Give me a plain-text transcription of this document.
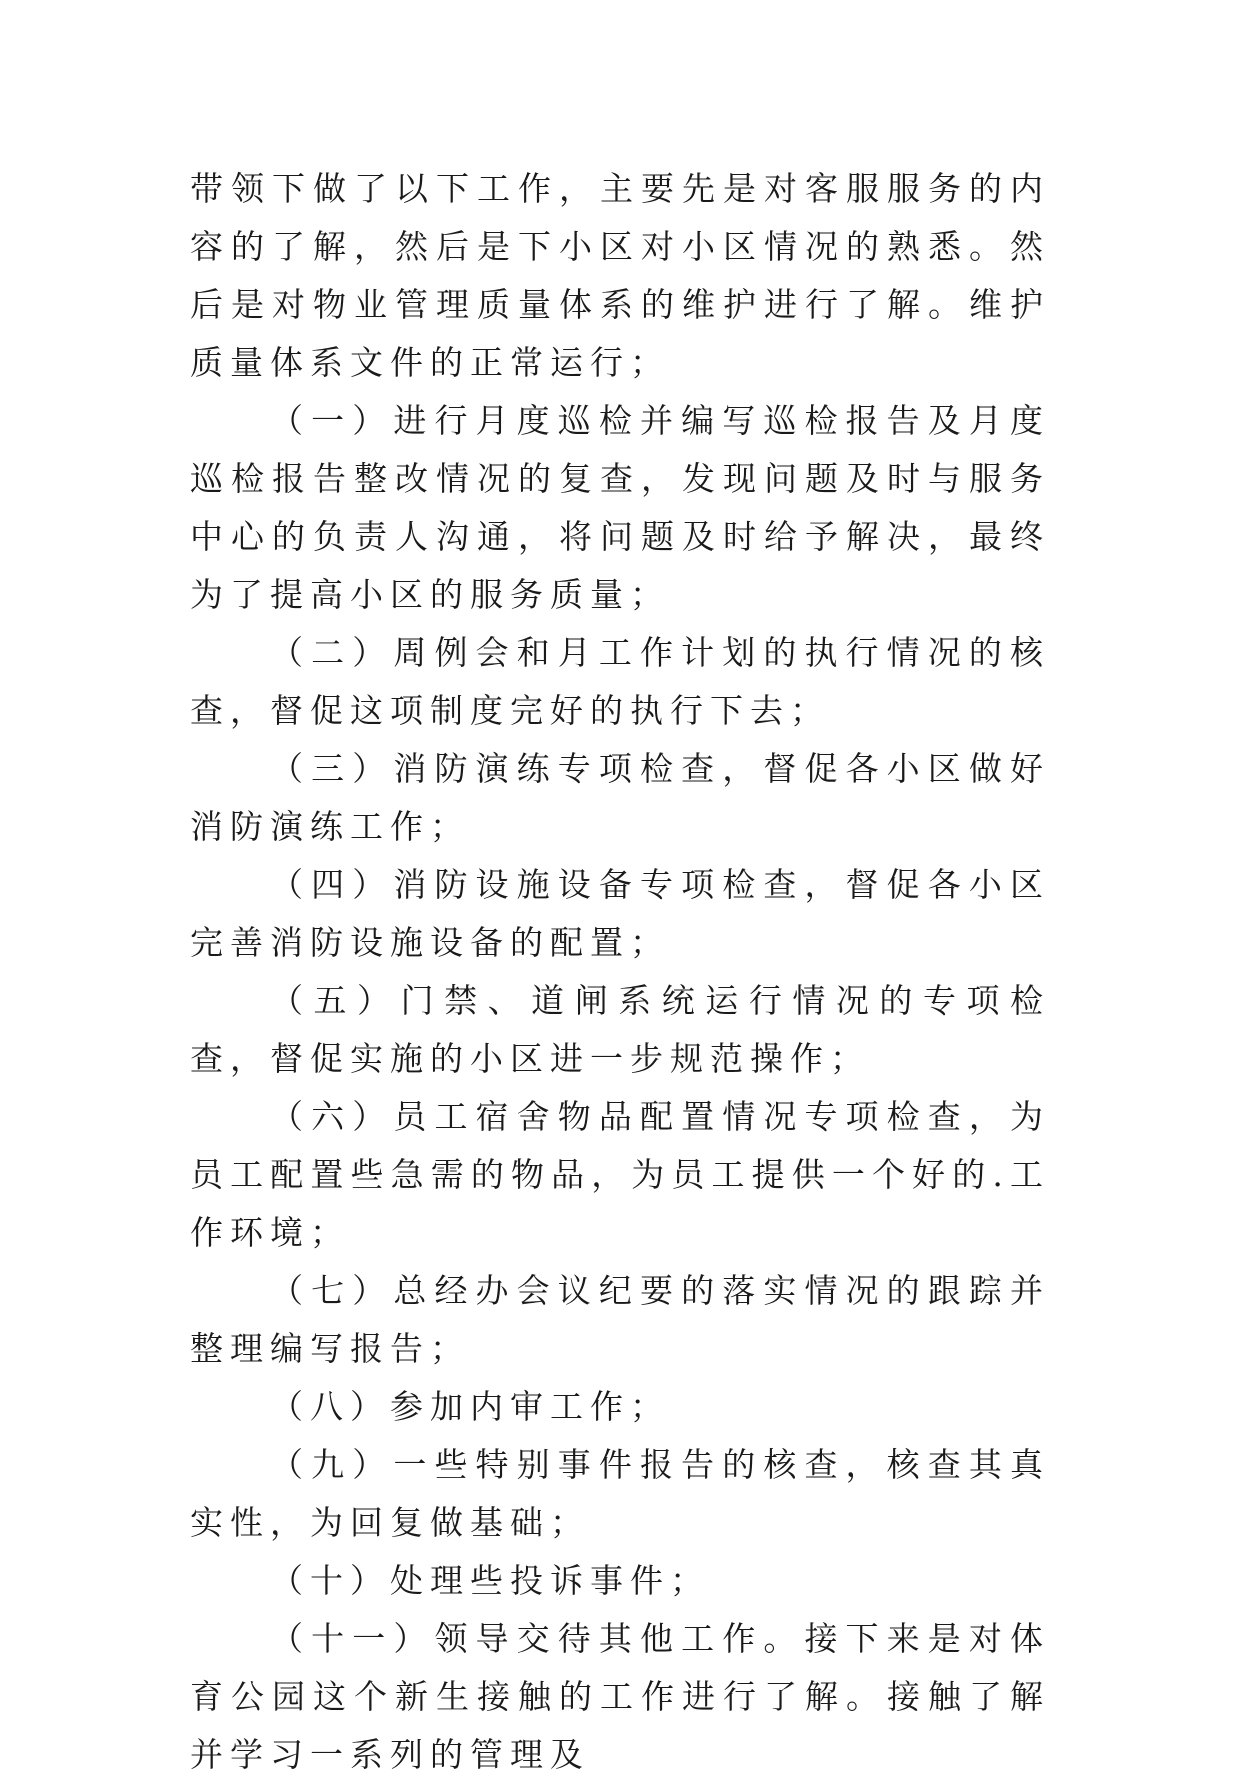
带领下做了以下工作，主要先是对客服服务的内容的了解，然后是下小区对小区情况的熟悉。然后是对物业管理质量体系的维护进行了解。维护质量体系文件的正常运行；

（一）进行月度巡检并编写巡检报告及月度巡检报告整改情况的复查，发现问题及时与服务中心的负责人沟通，将问题及时给予解决，最终为了提高小区的服务质量；

（二）周例会和月工作计划的执行情况的核查，督促这项制度完好的执行下去；

（三）消防演练专项检查，督促各小区做好消防演练工作；

（四）消防设施设备专项检查，督促各小区完善消防设施设备的配置；

（五）门禁、道闸系统运行情况的专项检查，督促实施的小区进一步规范操作；

（六）员工宿舍物品配置情况专项检查，为员工配置些急需的物品，为员工提供一个好的.工作环境；

（七）总经办会议纪要的落实情况的跟踪并整理编写报告；

（八）参加内审工作；

（九）一些特别事件报告的核查，核查其真实性，为回复做基础；

（十）处理些投诉事件；

（十一）领导交待其他工作。接下来是对体育公园这个新生接触的工作进行了解。接触了解并学习一系列的管理及
